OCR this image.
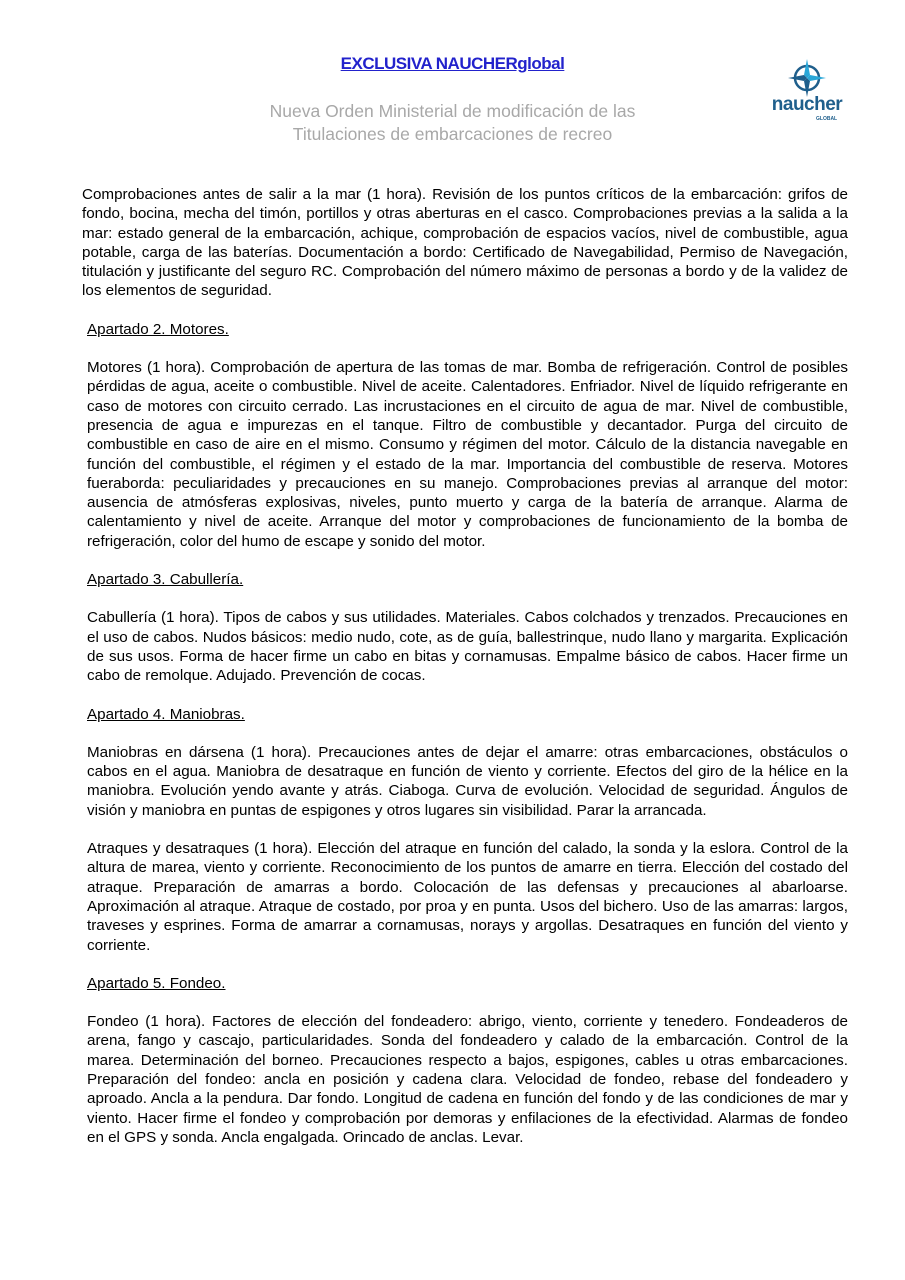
EXCLUSIVA NAUCHERglobal
Nueva Orden Ministerial de modificación de las
Titulaciones de embarcaciones de recreo
naucher
GLOBAL

Comprobaciones antes de salir a la mar (1 hora). Revisión de los puntos críticos de la embarcación: grifos de fondo, bocina, mecha del timón, portillos y otras aberturas en el casco. Comprobaciones previas a la salida a la mar: estado general de la embarcación, achique, comprobación de espacios vacíos, nivel de combustible, agua potable, carga de las baterías. Documentación a bordo: Certificado de Navegabilidad, Permiso de Navegación, titulación y justificante del seguro RC. Comprobación del número máximo de personas a bordo y de la validez de los elementos de seguridad.

Apartado 2. Motores.

Motores (1 hora). Comprobación de apertura de las tomas de mar. Bomba de refrigeración. Control de posibles pérdidas de agua, aceite o combustible. Nivel de aceite. Calentadores. Enfriador. Nivel de líquido refrigerante en caso de motores con circuito cerrado. Las incrustaciones en el circuito de agua de mar. Nivel de combustible, presencia de agua e impurezas en el tanque. Filtro de combustible y decantador. Purga del circuito de combustible en caso de aire en el mismo. Consumo y régimen del motor. Cálculo de la distancia navegable en función del combustible, el régimen y el estado de la mar. Importancia del combustible de reserva. Motores fueraborda: peculiaridades y precauciones en su manejo. Comprobaciones previas al arranque del motor: ausencia de atmósferas explosivas, niveles, punto muerto y carga de la batería de arranque. Alarma de calentamiento y nivel de aceite. Arranque del motor y comprobaciones de funcionamiento de la bomba de refrigeración, color del humo de escape y sonido del motor.

Apartado 3. Cabullería.

Cabullería (1 hora). Tipos de cabos y sus utilidades. Materiales. Cabos colchados y trenzados. Precauciones en el uso de cabos. Nudos básicos: medio nudo, cote, as de guía, ballestrinque, nudo llano y margarita. Explicación de sus usos. Forma de hacer firme un cabo en bitas y cornamusas. Empalme básico de cabos. Hacer firme un cabo de remolque. Adujado. Prevención de cocas.

Apartado 4. Maniobras.

Maniobras en dársena (1 hora). Precauciones antes de dejar el amarre: otras embarcaciones, obstáculos o cabos en el agua. Maniobra de desatraque en función de viento y corriente. Efectos del giro de la hélice en la maniobra. Evolución yendo avante y atrás. Ciaboga. Curva de evolución. Velocidad de seguridad. Ángulos de visión y maniobra en puntas de espigones y otros lugares sin visibilidad. Parar la arrancada.

Atraques y desatraques (1 hora). Elección del atraque en función del calado, la sonda y la eslora. Control de la altura de marea, viento y corriente. Reconocimiento de los puntos de amarre en tierra. Elección del costado del atraque. Preparación de amarras a bordo. Colocación de las defensas y precauciones al abarloarse. Aproximación al atraque. Atraque de costado, por proa y en punta. Usos del bichero. Uso de las amarras: largos, traveses y esprines. Forma de amarrar a cornamusas, norays y argollas. Desatraques en función del viento y corriente.

Apartado 5. Fondeo.

Fondeo (1 hora). Factores de elección del fondeadero: abrigo, viento, corriente y tenedero. Fondeaderos de arena, fango y cascajo, particularidades. Sonda del fondeadero y calado de la embarcación. Control de la marea. Determinación del borneo. Precauciones respecto a bajos, espigones, cables u otras embarcaciones. Preparación del fondeo: ancla en posición y cadena clara. Velocidad de fondeo, rebase del fondeadero y aproado. Ancla a la pendura. Dar fondo. Longitud de cadena en función del fondo y de las condiciones de mar y viento. Hacer firme el fondeo y comprobación por demoras y enfilaciones de la efectividad. Alarmas de fondeo en el GPS y sonda. Ancla engalgada. Orincado de anclas. Levar.
